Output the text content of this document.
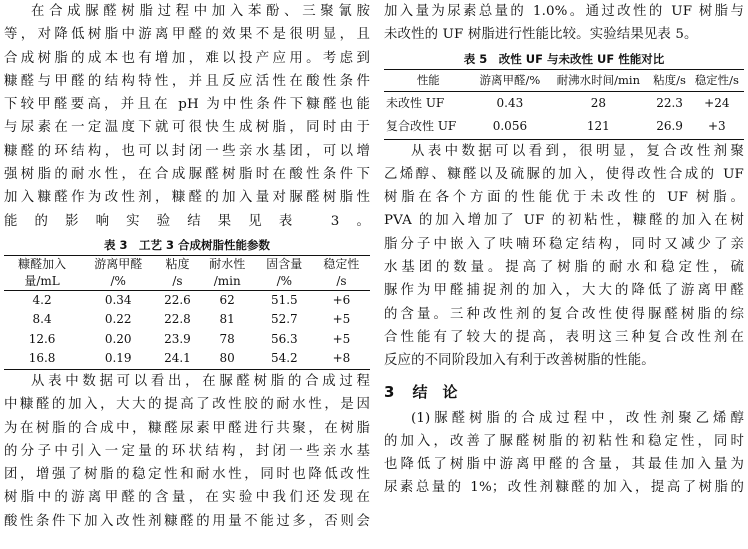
在合成脲醛树脂过程中加入苯酚、三聚氰胺

等，对降低树脂中游离甲醛的效果不是很明显，且

合成树脂的成本也有增加，难以投产应用。考虑到

糠醛与甲醛的结构特性，并且反应活性在酸性条件

下较甲醛要高，并且在 pH 为中性条件下糠醛也能

与尿素在一定温度下就可很快生成树脂，同时由于

糠醛的环结构，也可以封闭一些亲水基团，可以增

强树脂的耐水性，在合成脲醛树脂时在酸性条件下

加入糠醛作为改性剂，糠醛的加入量对脲醛树脂性

能的影响实验结果见表 3。

表 3　工艺 3 合成树脂性能参数
糠醛加入	游离甲醛	粘度	耐水性	固含量	稳定性
量/mL	/%	/s	/min	/%	/s
4.2	0.34	22.6	62	51.5	+6
8.4	0.22	22.8	81	52.7	+5
12.6	0.20	23.9	78	56.3	+5
16.8	0.19	24.1	80	54.2	+8

从表中数据可以看出，在脲醛树脂的合成过程

中糠醛的加入，大大的提高了改性胶的耐水性，是因

为在树脂的合成中，糠醛尿素甲醛进行共聚，在树脂

的分子中引入一定量的环状结构，封闭一些亲水基

团，增强了树脂的稳定性和耐水性，同时也降低改性

树脂中的游离甲醛的含量，在实验中我们还发现在

酸性条件下加入改性剂糠醛的用量不能过多，否则会

加入量为尿素总量的 1.0%。通过改性的 UF 树脂与

未改性的 UF 树脂进行性能比较。实验结果见表 5。

表 5　改性 UF 与未改性 UF 性能对比
性能	游离甲醛/%	耐沸水时间/min	粘度/s	稳定性/s
未改性 UF	0.43	28	22.3	+24
复合改性 UF	0.056	121	26.9	+3

从表中数据可以看到，很明显，复合改性剂聚

乙烯醇、糠醛以及硫脲的加入，使得改性合成的 UF

树脂在各个方面的性能优于未改性的 UF 树脂。

PVA 的加入增加了 UF 的初粘性，糠醛的加入在树

脂分子中嵌入了呋喃环稳定结构，同时又减少了亲

水基团的数量。提高了树脂的耐水和稳定性，硫

脲作为甲醛捕捉剂的加入，大大的降低了游离甲醛

的含量。三种改性剂的复合改性使得脲醛树脂的综

合性能有了较大的提高，表明这三种复合改性剂在

反应的不同阶段加入有利于改善树脂的性能。

3 结　论

(1)脲醛树脂的合成过程中，改性剂聚乙烯醇

的加入，改善了脲醛树脂的初粘性和稳定性，同时

也降低了树脂中游离甲醛的含量，其最佳加入量为

尿素总量的 1%；改性剂糠醛的加入，提高了树脂的
